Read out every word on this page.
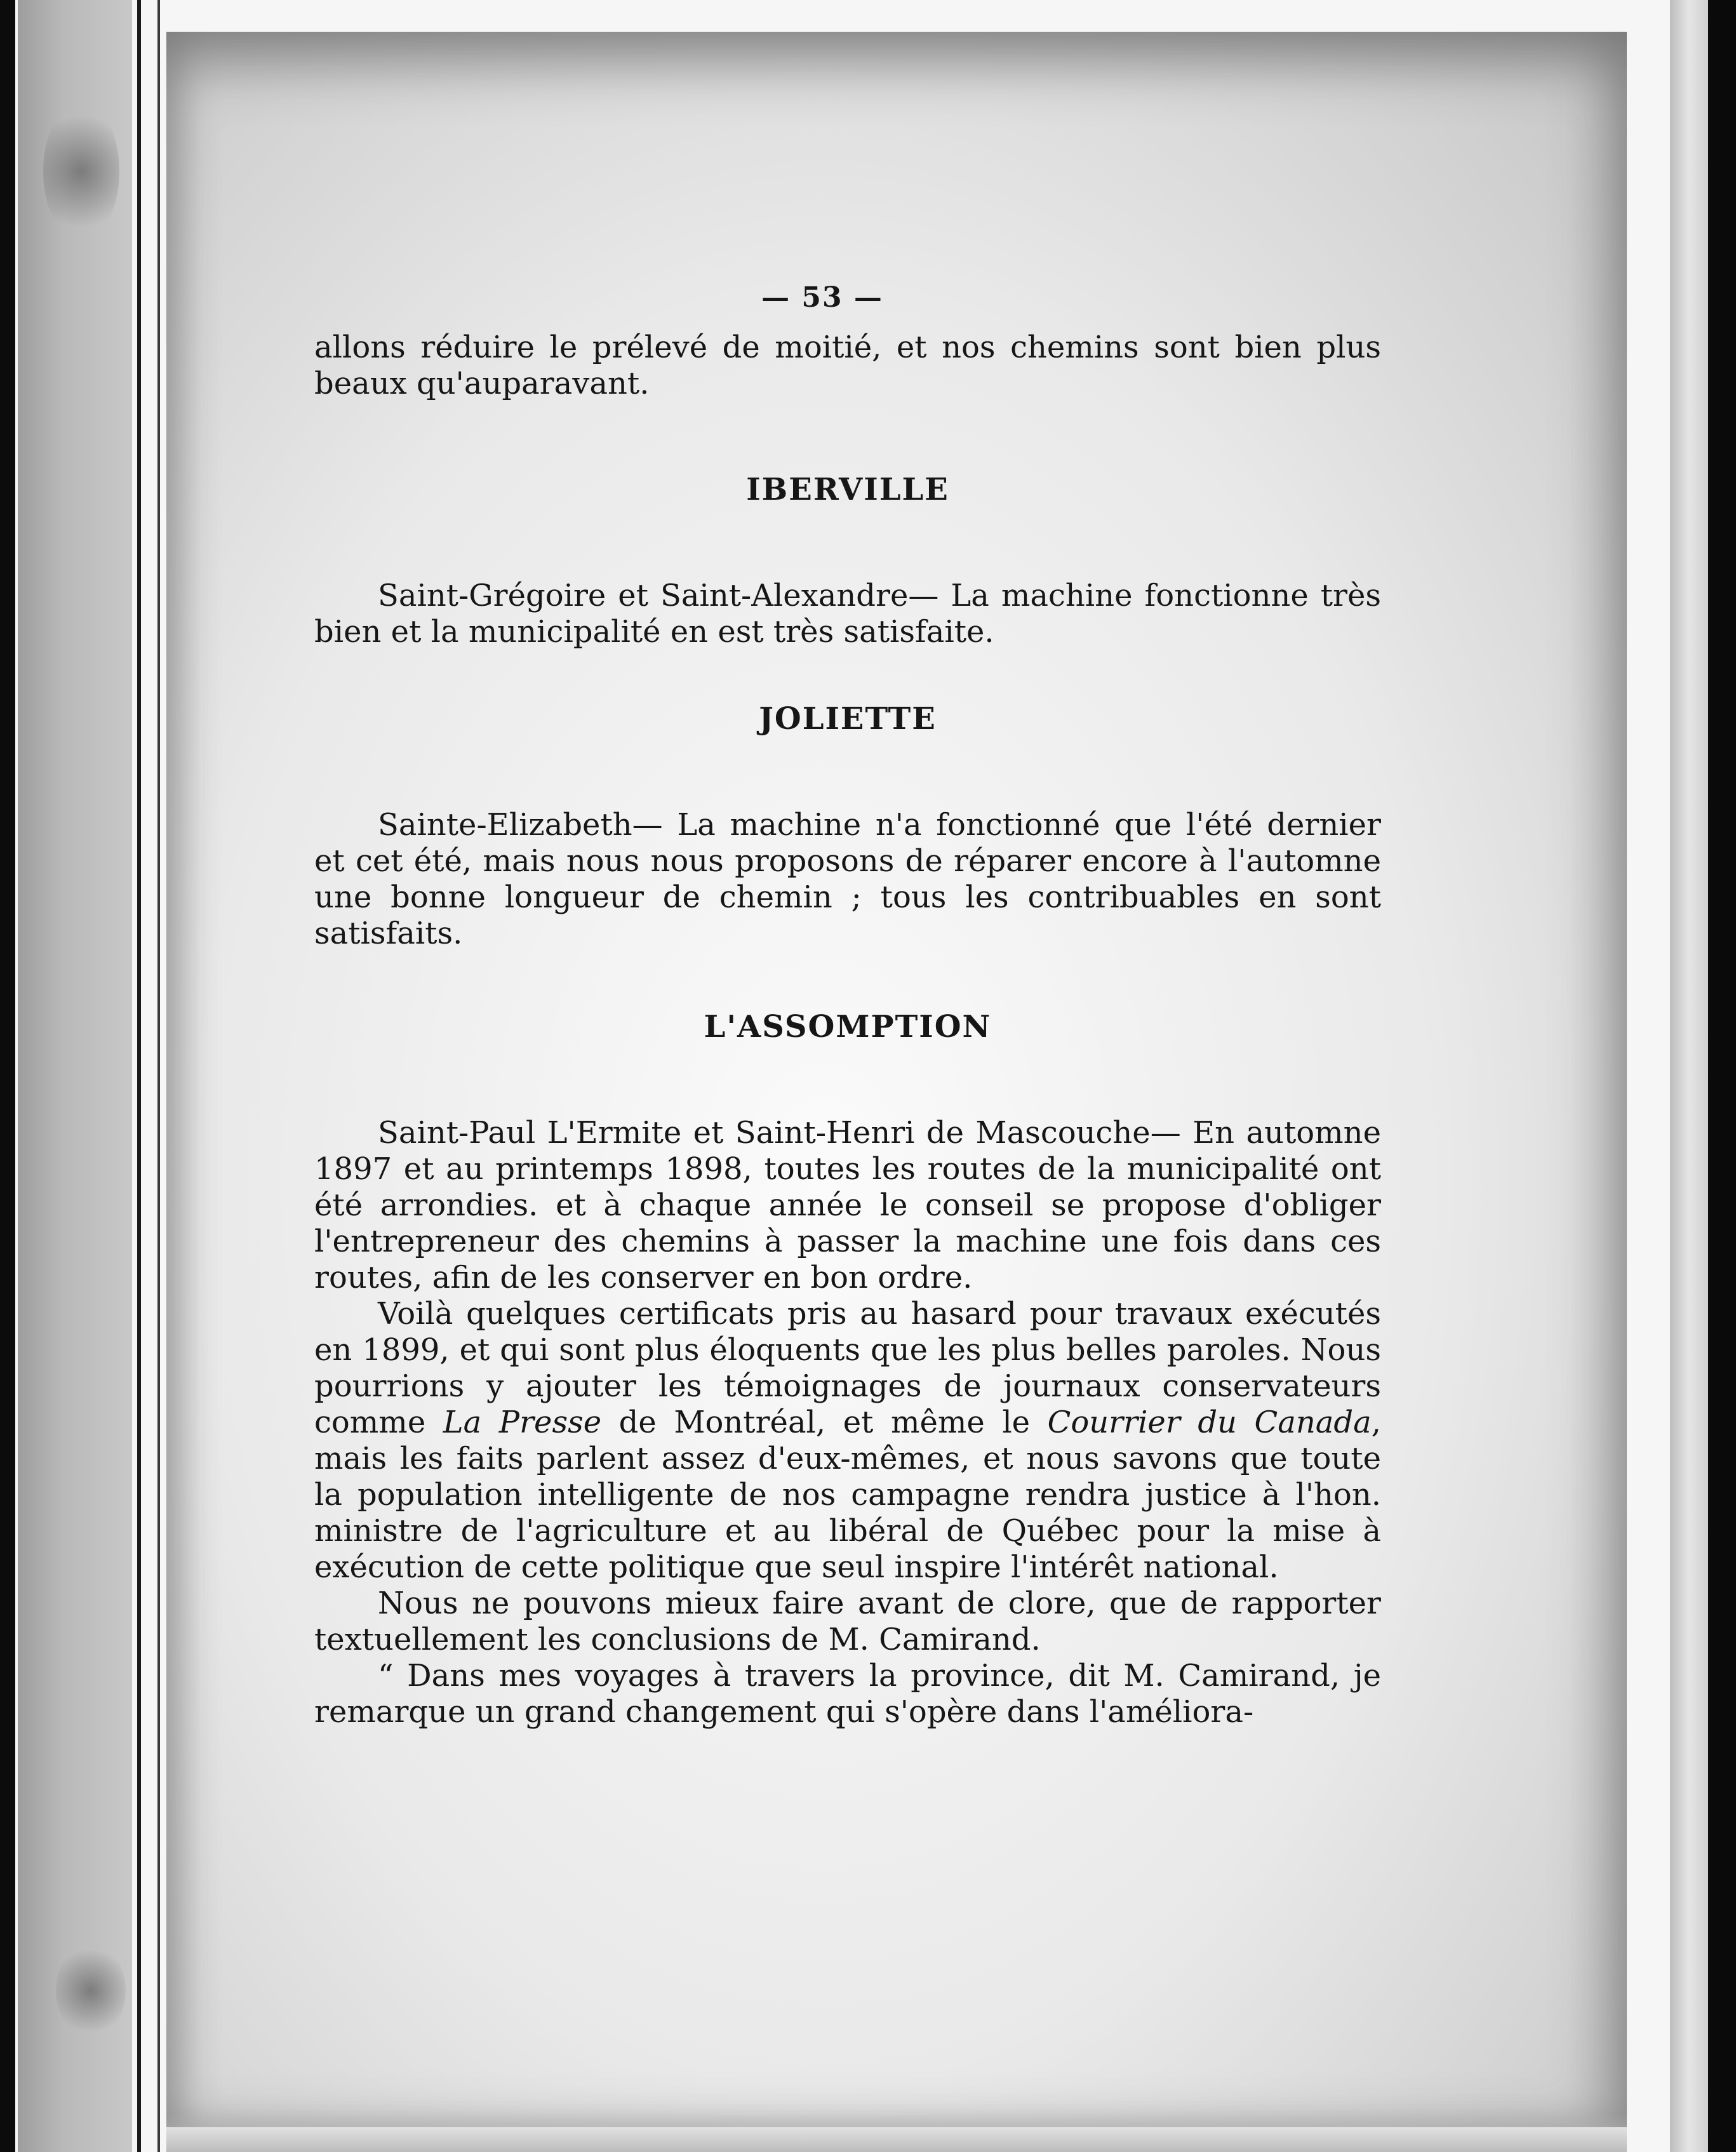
— 53 —

allons réduire le prélevé de moitié, et nos chemins sont bien plus beaux qu'auparavant.

IBERVILLE

Saint-Grégoire et Saint-Alexandre— La machine fonctionne très bien et la municipalité en est très satisfaite.

JOLIETTE

Sainte-Elizabeth— La machine n'a fonctionné que l'été dernier et cet été, mais nous nous proposons de réparer encore à l'automne une bonne longueur de chemin ; tous les contribuables en sont satisfaits.

L'ASSOMPTION

Saint-Paul L'Ermite et Saint-Henri de Mascouche— En automne 1897 et au printemps 1898, toutes les routes de la municipalité ont été arrondies. et à chaque année le conseil se propose d'obliger l'entrepreneur des chemins à passer la machine une fois dans ces routes, afin de les conserver en bon ordre.

Voilà quelques certificats pris au hasard pour travaux exécutés en 1899, et qui sont plus éloquents que les plus belles paroles. Nous pourrions y ajouter les témoignages de journaux conservateurs comme La Presse de Montréal, et même le Courrier du Canada, mais les faits parlent assez d'eux-mêmes, et nous savons que toute la population intelligente de nos campagne rendra justice à l'hon. ministre de l'agriculture et au libéral de Québec pour la mise à exécution de cette politique que seul inspire l'intérêt national.

Nous ne pouvons mieux faire avant de clore, que de rapporter textuellement les conclusions de M. Camirand.

“ Dans mes voyages à travers la province, dit M. Camirand, je remarque un grand changement qui s'opère dans l'améliora-
